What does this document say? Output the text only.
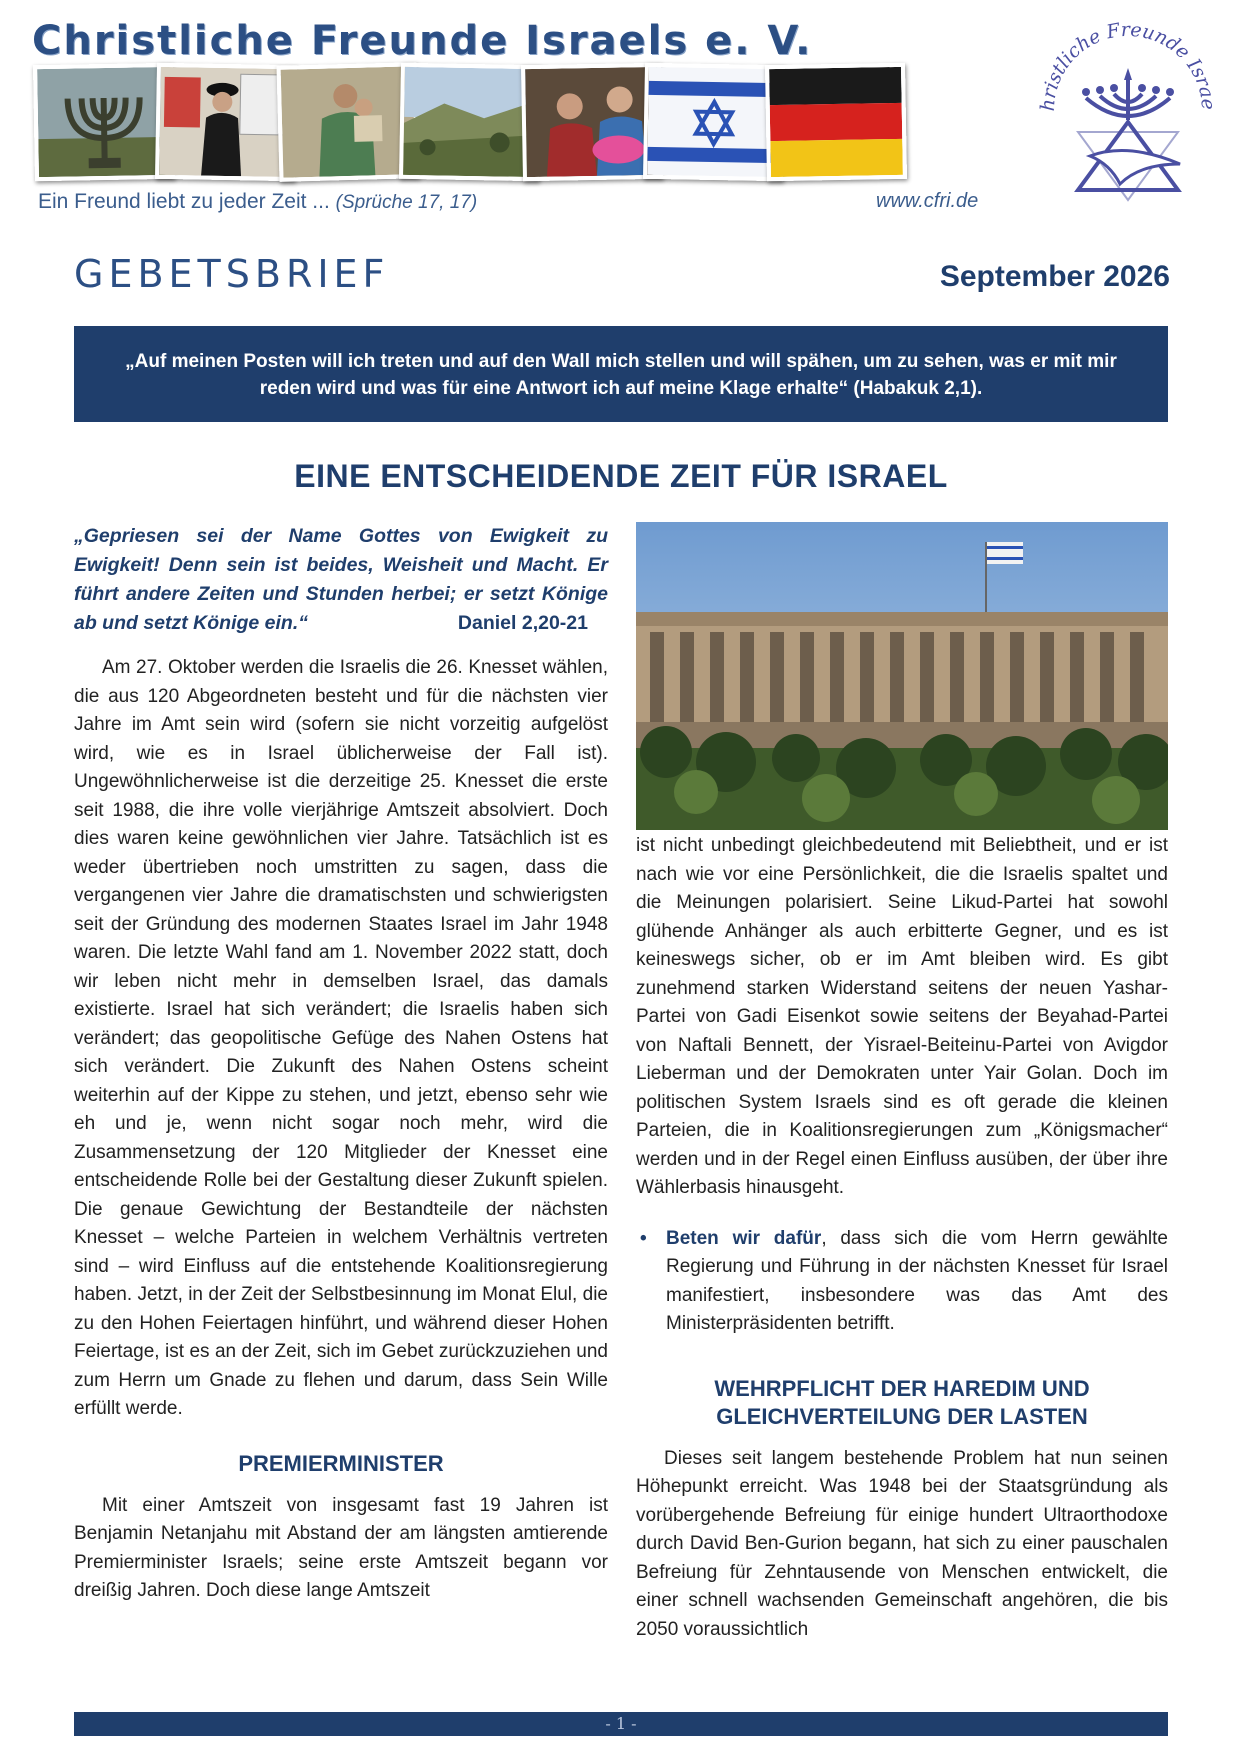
Christliche Freunde Israels e. V.
Ein Freund liebt zu jeder Zeit ... (Sprüche 17, 17)	www.cfri.de
hristliche Freunde Israe
GEBETSBRIEF	September 2026
„Auf meinen Posten will ich treten und auf den Wall mich stellen und will spähen, um zu sehen, was er mit mir reden wird und was für eine Antwort ich auf meine Klage erhalte“ (Habakuk 2,1).
EINE ENTSCHEIDENDE ZEIT FÜR ISRAEL
„Gepriesen sei der Name Gottes von Ewigkeit zu Ewigkeit! Denn sein ist beides, Weisheit und Macht. Er führt andere Zeiten und Stunden herbei; er setzt Könige ab und setzt Könige ein.“	Daniel 2,20-21

Am 27. Oktober werden die Israelis die 26. Knesset wählen, die aus 120 Abgeordneten besteht und für die nächsten vier Jahre im Amt sein wird (sofern sie nicht vorzeitig aufgelöst wird, wie es in Israel üblicherweise der Fall ist). Ungewöhnlicherweise ist die derzeitige 25. Knesset die erste seit 1988, die ihre volle vierjährige Amtszeit absolviert. Doch dies waren keine gewöhnlichen vier Jahre. Tatsächlich ist es weder übertrieben noch umstritten zu sagen, dass die vergangenen vier Jahre die dramatischsten und schwierigsten seit der Gründung des modernen Staates Israel im Jahr 1948 waren. Die letzte Wahl fand am 1. November 2022 statt, doch wir leben nicht mehr in demselben Israel, das damals existierte. Israel hat sich verändert; die Israelis haben sich verändert; das geopolitische Gefüge des Nahen Ostens hat sich verändert. Die Zukunft des Nahen Ostens scheint weiterhin auf der Kippe zu stehen, und jetzt, ebenso sehr wie eh und je, wenn nicht sogar noch mehr, wird die Zusammensetzung der 120 Mitglieder der Knesset eine entscheidende Rolle bei der Gestaltung dieser Zukunft spielen. Die genaue Gewichtung der Bestandteile der nächsten Knesset – welche Parteien in welchem Verhältnis vertreten sind – wird Einfluss auf die entstehende Koalitionsregierung haben. Jetzt, in der Zeit der Selbstbesinnung im Monat Elul, die zu den Hohen Feiertagen hinführt, und während dieser Hohen Feiertage, ist es an der Zeit, sich im Gebet zurückzuziehen und zum Herrn um Gnade zu flehen und darum, dass Sein Wille erfüllt werde.

PREMIERMINISTER

Mit einer Amtszeit von insgesamt fast 19 Jahren ist Benjamin Netanjahu mit Abstand der am längsten amtierende Premierminister Israels; seine erste Amtszeit begann vor dreißig Jahren. Doch diese lange Amtszeit

ist nicht unbedingt gleichbedeutend mit Beliebtheit, und er ist nach wie vor eine Persönlichkeit, die die Israelis spaltet und die Meinungen polarisiert. Seine Likud-Partei hat sowohl glühende Anhänger als auch erbitterte Gegner, und es ist keineswegs sicher, ob er im Amt bleiben wird. Es gibt zunehmend starken Widerstand seitens der neuen Yashar-Partei von Gadi Eisenkot sowie seitens der Beyahad-Partei von Naftali Bennett, der Yisrael-Beiteinu-Partei von Avigdor Lieberman und der Demokraten unter Yair Golan. Doch im politischen System Israels sind es oft gerade die kleinen Parteien, die in Koalitionsregierungen zum „Königsmacher“ werden und in der Regel einen Einfluss ausüben, der über ihre Wählerbasis hinausgeht.

• Beten wir dafür, dass sich die vom Herrn gewählte Regierung und Führung in der nächsten Knesset für Israel manifestiert, insbesondere was das Amt des Ministerpräsidenten betrifft.
WEHRPFLICHT DER HAREDIM UND
GLEICHVERTEILUNG DER LASTEN

Dieses seit langem bestehende Problem hat nun seinen Höhepunkt erreicht. Was 1948 bei der Staatsgründung als vorübergehende Befreiung für einige hundert Ultraorthodoxe durch David Ben-Gurion begann, hat sich zu einer pauschalen Befreiung für Zehntausende von Menschen entwickelt, die einer schnell wachsenden Gemeinschaft angehören, die bis 2050 voraussichtlich

- 1 -
